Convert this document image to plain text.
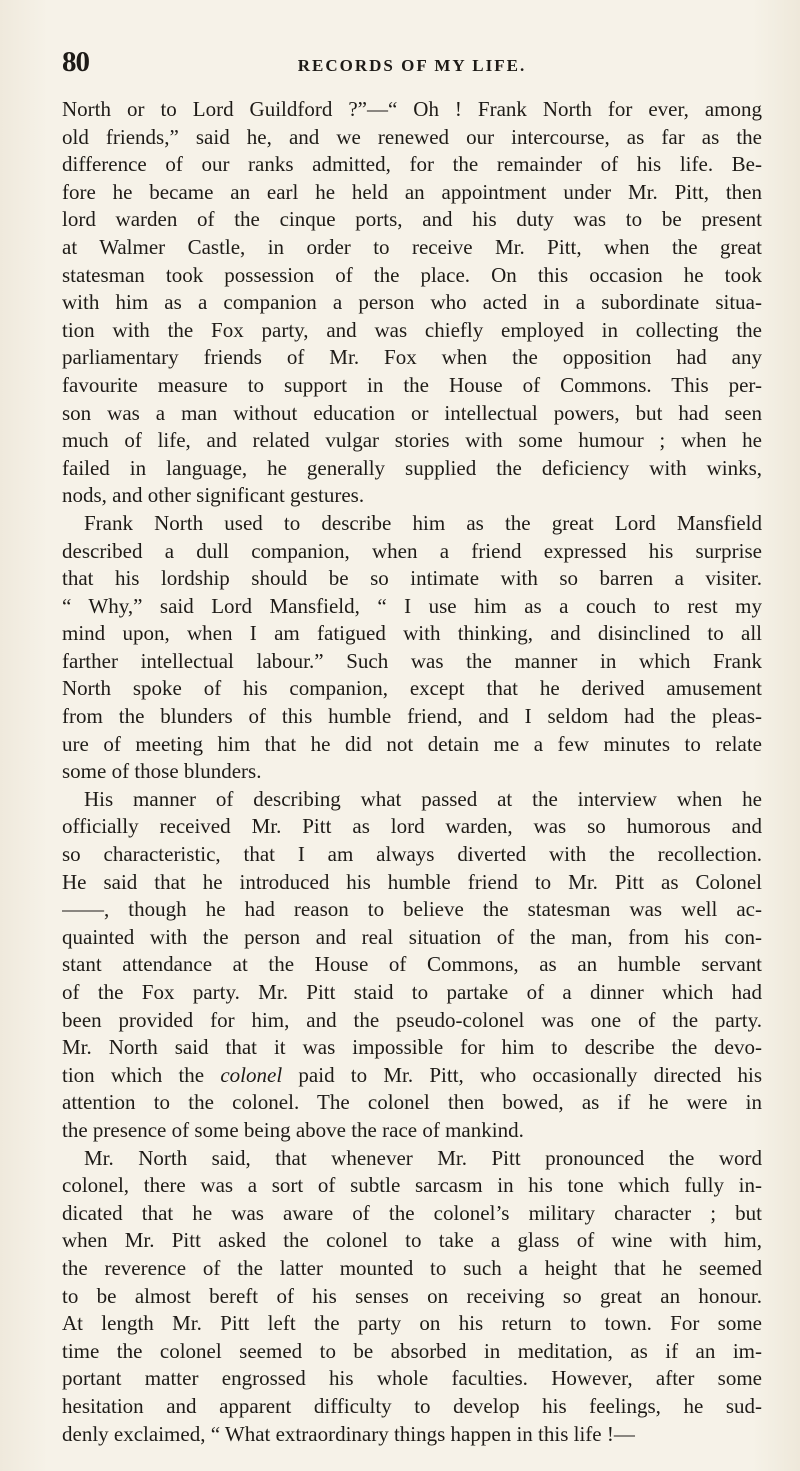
80	RECORDS OF MY LIFE.
North or to Lord Guildford ?”—“ Oh ! Frank North for ever, among
old friends,” said he, and we renewed our intercourse, as far as the
difference of our ranks admitted, for the remainder of his life. Be-
fore he became an earl he held an appointment under Mr. Pitt, then
lord warden of the cinque ports, and his duty was to be present
at Walmer Castle, in order to receive Mr. Pitt, when the great
statesman took possession of the place. On this occasion he took
with him as a companion a person who acted in a subordinate situa-
tion with the Fox party, and was chiefly employed in collecting the
parliamentary friends of Mr. Fox when the opposition had any
favourite measure to support in the House of Commons. This per-
son was a man without education or intellectual powers, but had seen
much of life, and related vulgar stories with some humour ; when he
failed in language, he generally supplied the deficiency with winks,
nods, and other significant gestures.
Frank North used to describe him as the great Lord Mansfield
described a dull companion, when a friend expressed his surprise
that his lordship should be so intimate with so barren a visiter.
“ Why,” said Lord Mansfield, “ I use him as a couch to rest my
mind upon, when I am fatigued with thinking, and disinclined to all
farther intellectual labour.” Such was the manner in which Frank
North spoke of his companion, except that he derived amusement
from the blunders of this humble friend, and I seldom had the pleas-
ure of meeting him that he did not detain me a few minutes to relate
some of those blunders.
His manner of describing what passed at the interview when he
officially received Mr. Pitt as lord warden, was so humorous and
so characteristic, that I am always diverted with the recollection.
He said that he introduced his humble friend to Mr. Pitt as Colonel
——, though he had reason to believe the statesman was well ac-
quainted with the person and real situation of the man, from his con-
stant attendance at the House of Commons, as an humble servant
of the Fox party. Mr. Pitt staid to partake of a dinner which had
been provided for him, and the pseudo-colonel was one of the party.
Mr. North said that it was impossible for him to describe the devo-
tion which the colonel paid to Mr. Pitt, who occasionally directed his
attention to the colonel. The colonel then bowed, as if he were in
the presence of some being above the race of mankind.
Mr. North said, that whenever Mr. Pitt pronounced the word
colonel, there was a sort of subtle sarcasm in his tone which fully in-
dicated that he was aware of the colonel’s military character ; but
when Mr. Pitt asked the colonel to take a glass of wine with him,
the reverence of the latter mounted to such a height that he seemed
to be almost bereft of his senses on receiving so great an honour.
At length Mr. Pitt left the party on his return to town. For some
time the colonel seemed to be absorbed in meditation, as if an im-
portant matter engrossed his whole faculties. However, after some
hesitation and apparent difficulty to develop his feelings, he sud-
denly exclaimed, “ What extraordinary things happen in this life !—
